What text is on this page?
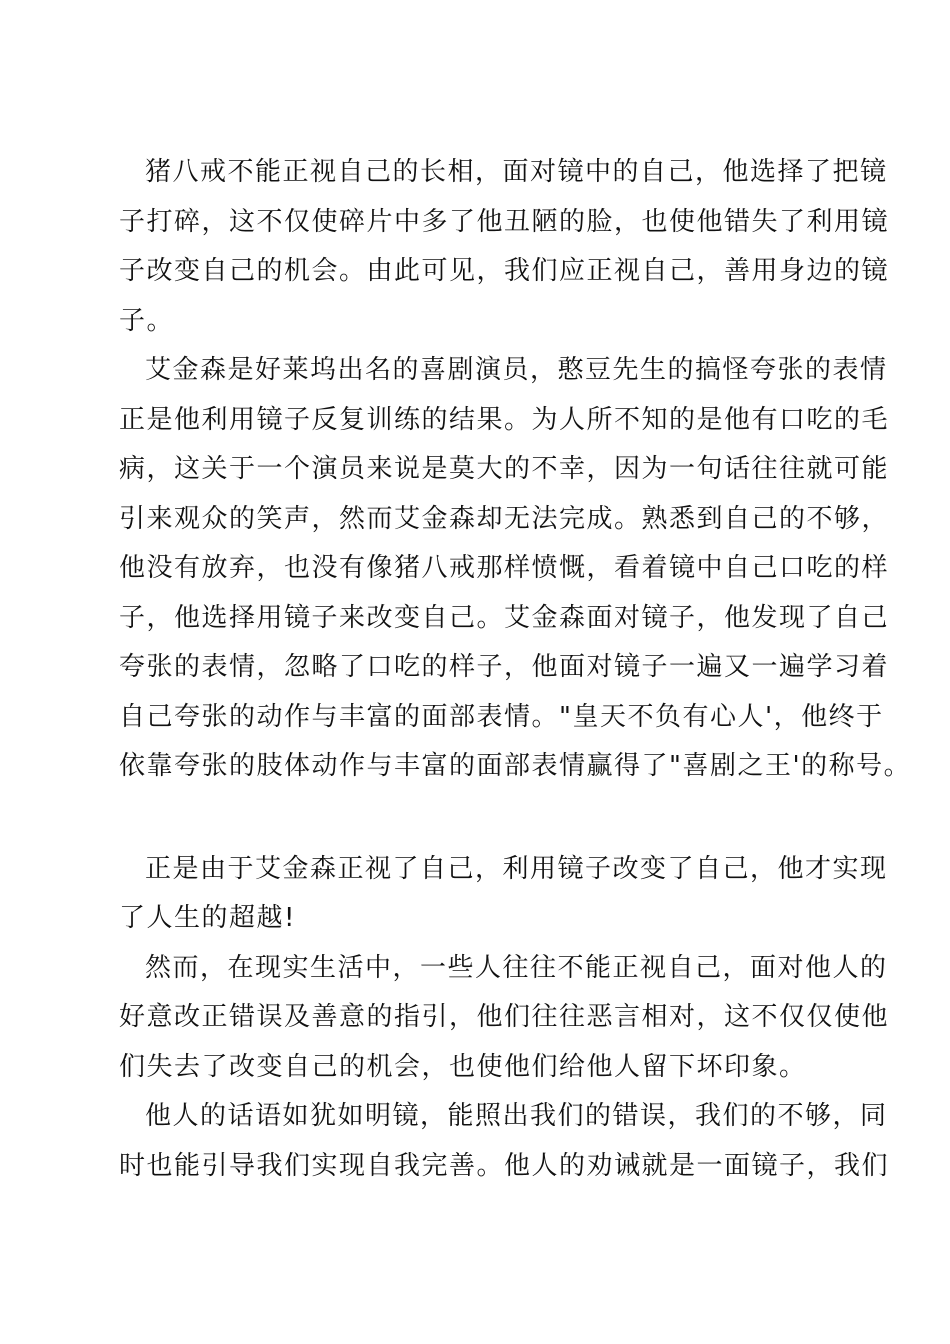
猪八戒不能正视自己的长相，面对镜中的自己，他选择了把镜
子打碎，这不仅使碎片中多了他丑陋的脸，也使他错失了利用镜
子改变自己的机会。由此可见，我们应正视自己，善用身边的镜
子。
艾金森是好莱坞出名的喜剧演员，憨豆先生的搞怪夸张的表情
正是他利用镜子反复训练的结果。为人所不知的是他有口吃的毛
病，这关于一个演员来说是莫大的不幸，因为一句话往往就可能
引来观众的笑声，然而艾金森却无法完成。熟悉到自己的不够，
他没有放弃，也没有像猪八戒那样愤慨，看着镜中自己口吃的样
子，他选择用镜子来改变自己。艾金森面对镜子，他发现了自己
夸张的表情，忽略了口吃的样子，他面对镜子一遍又一遍学习着
自己夸张的动作与丰富的面部表情。"皇天不负有心人'，他终于
依靠夸张的肢体动作与丰富的面部表情赢得了"喜剧之王'的称号。
正是由于艾金森正视了自己，利用镜子改变了自己，他才实现
了人生的超越!
然而，在现实生活中，一些人往往不能正视自己，面对他人的
好意改正错误及善意的指引，他们往往恶言相对，这不仅仅使他
们失去了改变自己的机会，也使他们给他人留下坏印象。
他人的话语如犹如明镜，能照出我们的错误，我们的不够，同
时也能引导我们实现自我完善。他人的劝诫就是一面镜子，我们
